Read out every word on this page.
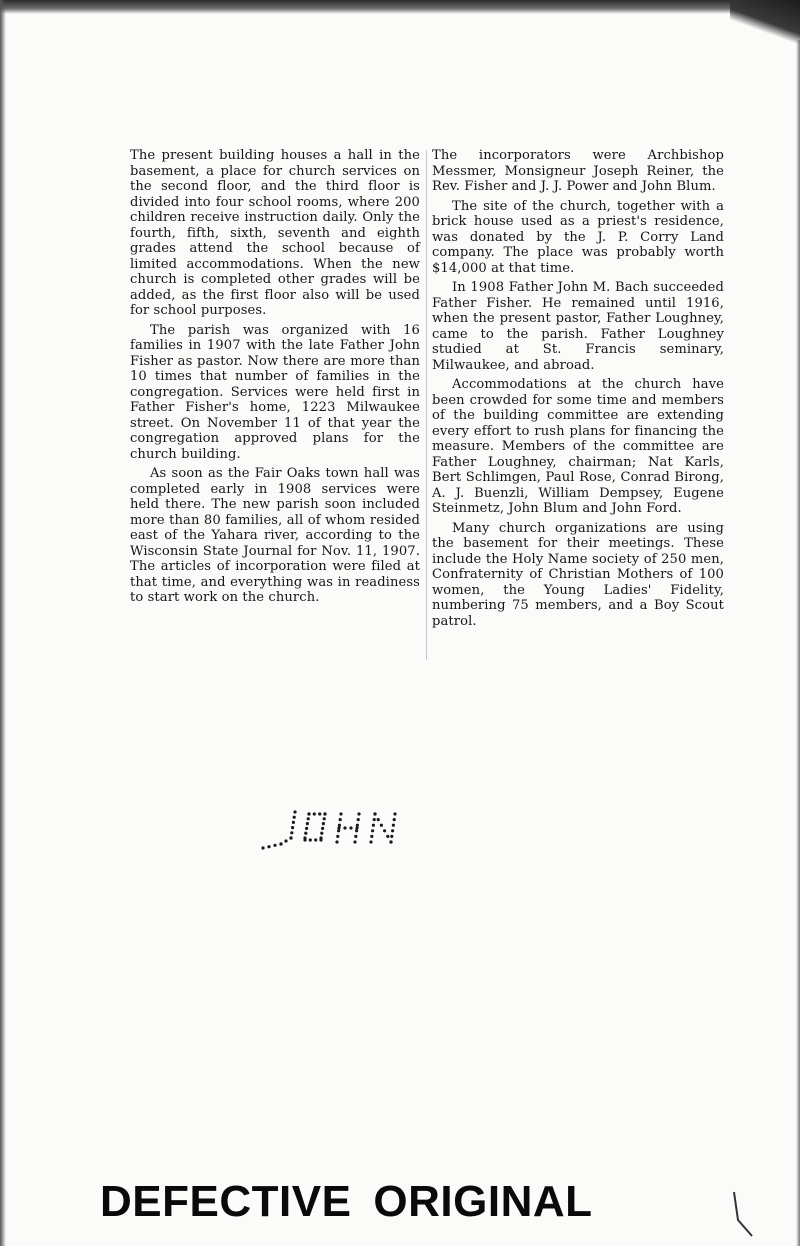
The present building houses a hall in the basement, a place for church services on the second floor, and the third floor is divided into four school rooms, where 200 children receive instruction daily. Only the fourth, fifth, sixth, seventh and eighth grades attend the school because of limited accommodations. When the new church is completed other grades will be added, as the first floor also will be used for school purposes.

The parish was organized with 16 families in 1907 with the late Father John Fisher as pastor. Now there are more than 10 times that number of families in the congregation. Services were held first in Father Fisher's home, 1223 Milwaukee street. On November 11 of that year the congregation approved plans for the church building.

As soon as the Fair Oaks town hall was completed early in 1908 services were held there. The new parish soon included more than 80 families, all of whom resided east of the Yahara river, according to the Wisconsin State Journal for Nov. 11, 1907. The articles of incorporation were filed at that time, and everything was in readiness to start work on the church.

The incorporators were Archbishop Messmer, Monsigneur Joseph Reiner, the Rev. Fisher and J. J. Power and John Blum.

The site of the church, together with a brick house used as a priest's residence, was donated by the J. P. Corry Land company. The place was probably worth $14,000 at that time.

In 1908 Father John M. Bach succeeded Father Fisher. He remained until 1916, when the present pastor, Father Loughney, came to the parish. Father Loughney studied at St. Francis seminary, Milwaukee, and abroad.

Accommodations at the church have been crowded for some time and members of the building committee are extending every effort to rush plans for financing the measure. Members of the committee are Father Loughney, chairman; Nat Karls, Bert Schlimgen, Paul Rose, Conrad Birong, A. J. Buenzli, William Dempsey, Eugene Steinmetz, John Blum and John Ford.

Many church organizations are using the basement for their meetings. These include the Holy Name society of 250 men, Confraternity of Christian Mothers of 100 women, the Young Ladies' Fidelity, numbering 75 members, and a Boy Scout patrol.

DEFECTIVE ORIGINAL
